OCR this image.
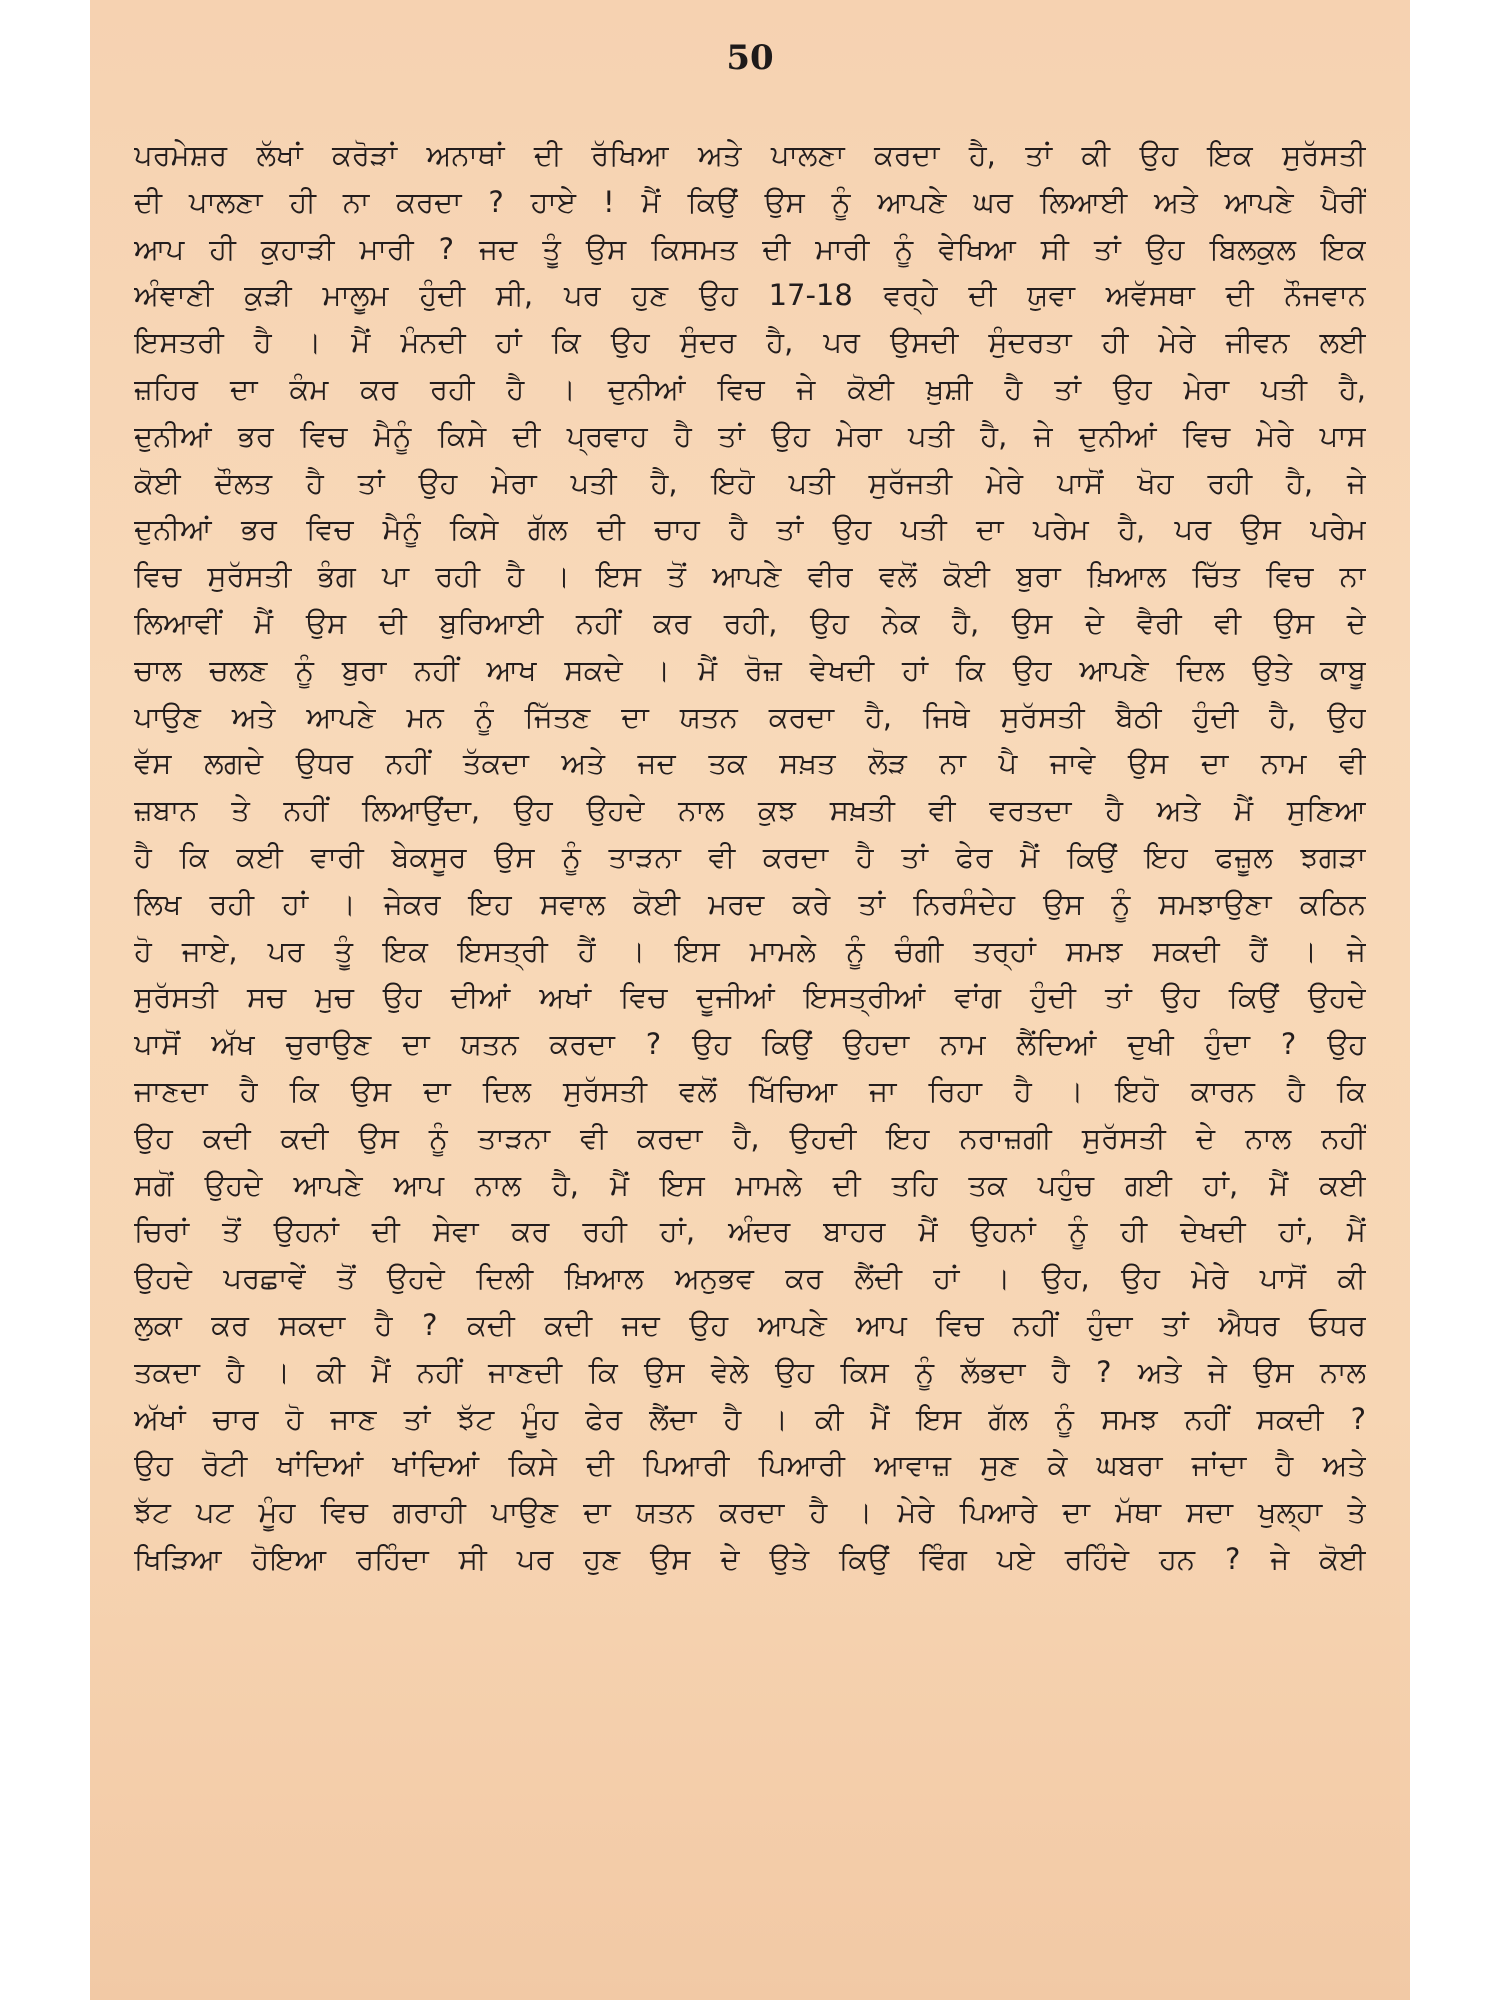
50
ਪਰਮੇਸ਼ਰ ਲੱਖਾਂ ਕਰੋੜਾਂ ਅਨਾਥਾਂ ਦੀ ਰੱਖਿਆ ਅਤੇ ਪਾਲਣਾ ਕਰਦਾ ਹੈ, ਤਾਂ ਕੀ ਉਹ ਇਕ ਸੁਰੱਸਤੀ
ਦੀ ਪਾਲਣਾ ਹੀ ਨਾ ਕਰਦਾ ? ਹਾਏ ! ਮੈਂ ਕਿਉਂ ਉਸ ਨੂੰ ਆਪਣੇ ਘਰ ਲਿਆਈ ਅਤੇ ਆਪਣੇ ਪੈਰੀਂ
ਆਪ ਹੀ ਕੁਹਾੜੀ ਮਾਰੀ ? ਜਦ ਤੂੰ ਉਸ ਕਿਸਮਤ ਦੀ ਮਾਰੀ ਨੂੰ ਵੇਖਿਆ ਸੀ ਤਾਂ ਉਹ ਬਿਲਕੁਲ ਇਕ
ਅੰਞਾਣੀ ਕੁੜੀ ਮਾਲੂਮ ਹੁੰਦੀ ਸੀ, ਪਰ ਹੁਣ ਉਹ 17-18 ਵਰ੍ਹੇ ਦੀ ਯੁਵਾ ਅਵੱਸਥਾ ਦੀ ਨੌਜਵਾਨ
ਇਸਤਰੀ ਹੈ । ਮੈਂ ਮੰਨਦੀ ਹਾਂ ਕਿ ਉਹ ਸੁੰਦਰ ਹੈ, ਪਰ ਉਸਦੀ ਸੁੰਦਰਤਾ ਹੀ ਮੇਰੇ ਜੀਵਨ ਲਈ
ਜ਼ਹਿਰ ਦਾ ਕੰਮ ਕਰ ਰਹੀ ਹੈ । ਦੁਨੀਆਂ ਵਿਚ ਜੇ ਕੋਈ ਖ਼ੁਸ਼ੀ ਹੈ ਤਾਂ ਉਹ ਮੇਰਾ ਪਤੀ ਹੈ,
ਦੁਨੀਆਂ ਭਰ ਵਿਚ ਮੈਨੂੰ ਕਿਸੇ ਦੀ ਪ੍ਰਵਾਹ ਹੈ ਤਾਂ ਉਹ ਮੇਰਾ ਪਤੀ ਹੈ, ਜੇ ਦੁਨੀਆਂ ਵਿਚ ਮੇਰੇ ਪਾਸ
ਕੋਈ ਦੌਲਤ ਹੈ ਤਾਂ ਉਹ ਮੇਰਾ ਪਤੀ ਹੈ, ਇਹੋ ਪਤੀ ਸੁਰੱਜਤੀ ਮੇਰੇ ਪਾਸੋਂ ਖੋਹ ਰਹੀ ਹੈ, ਜੇ
ਦੁਨੀਆਂ ਭਰ ਵਿਚ ਮੈਨੂੰ ਕਿਸੇ ਗੱਲ ਦੀ ਚਾਹ ਹੈ ਤਾਂ ਉਹ ਪਤੀ ਦਾ ਪਰੇਮ ਹੈ, ਪਰ ਉਸ ਪਰੇਮ
ਵਿਚ ਸੁਰੱਸਤੀ ਭੰਗ ਪਾ ਰਹੀ ਹੈ । ਇਸ ਤੋਂ ਆਪਣੇ ਵੀਰ ਵਲੋਂ ਕੋਈ ਬੁਰਾ ਖ਼ਿਆਲ ਚਿੱਤ ਵਿਚ ਨਾ
ਲਿਆਵੀਂ ਮੈਂ ਉਸ ਦੀ ਬੁਰਿਆਈ ਨਹੀਂ ਕਰ ਰਹੀ, ਉਹ ਨੇਕ ਹੈ, ਉਸ ਦੇ ਵੈਰੀ ਵੀ ਉਸ ਦੇ
ਚਾਲ ਚਲਣ ਨੂੰ ਬੁਰਾ ਨਹੀਂ ਆਖ ਸਕਦੇ । ਮੈਂ ਰੋਜ਼ ਵੇਖਦੀ ਹਾਂ ਕਿ ਉਹ ਆਪਣੇ ਦਿਲ ਉਤੇ ਕਾਬੂ
ਪਾਉਣ ਅਤੇ ਆਪਣੇ ਮਨ ਨੂੰ ਜਿੱਤਣ ਦਾ ਯਤਨ ਕਰਦਾ ਹੈ, ਜਿਥੇ ਸੁਰੱਸਤੀ ਬੈਠੀ ਹੁੰਦੀ ਹੈ, ਉਹ
ਵੱਸ ਲਗਦੇ ਉਧਰ ਨਹੀਂ ਤੱਕਦਾ ਅਤੇ ਜਦ ਤਕ ਸਖ਼ਤ ਲੋੜ ਨਾ ਪੈ ਜਾਵੇ ਉਸ ਦਾ ਨਾਮ ਵੀ
ਜ਼ਬਾਨ ਤੇ ਨਹੀਂ ਲਿਆਉਂਦਾ, ਉਹ ਉਹਦੇ ਨਾਲ ਕੁਝ ਸਖ਼ਤੀ ਵੀ ਵਰਤਦਾ ਹੈ ਅਤੇ ਮੈਂ ਸੁਣਿਆ
ਹੈ ਕਿ ਕਈ ਵਾਰੀ ਬੇਕਸੂਰ ਉਸ ਨੂੰ ਤਾੜਨਾ ਵੀ ਕਰਦਾ ਹੈ ਤਾਂ ਫੇਰ ਮੈਂ ਕਿਉਂ ਇਹ ਫਜ਼ੂਲ ਝਗੜਾ
ਲਿਖ ਰਹੀ ਹਾਂ । ਜੇਕਰ ਇਹ ਸਵਾਲ ਕੋਈ ਮਰਦ ਕਰੇ ਤਾਂ ਨਿਰਸੰਦੇਹ ਉਸ ਨੂੰ ਸਮਝਾਉਣਾ ਕਠਿਨ
ਹੋ ਜਾਏ, ਪਰ ਤੂੰ ਇਕ ਇਸਤ੍ਰੀ ਹੈਂ । ਇਸ ਮਾਮਲੇ ਨੂੰ ਚੰਗੀ ਤਰ੍ਹਾਂ ਸਮਝ ਸਕਦੀ ਹੈਂ । ਜੇ
ਸੁਰੱਸਤੀ ਸਚ ਮੁਚ ਉਹ ਦੀਆਂ ਅਖਾਂ ਵਿਚ ਦੂਜੀਆਂ ਇਸਤ੍ਰੀਆਂ ਵਾਂਗ ਹੁੰਦੀ ਤਾਂ ਉਹ ਕਿਉਂ ਉਹਦੇ
ਪਾਸੋਂ ਅੱਖ ਚੁਰਾਉਣ ਦਾ ਯਤਨ ਕਰਦਾ ? ਉਹ ਕਿਉਂ ਉਹਦਾ ਨਾਮ ਲੈਂਦਿਆਂ ਦੁਖੀ ਹੁੰਦਾ ? ਉਹ
ਜਾਣਦਾ ਹੈ ਕਿ ਉਸ ਦਾ ਦਿਲ ਸੁਰੱਸਤੀ ਵਲੋਂ ਖਿੱਚਿਆ ਜਾ ਰਿਹਾ ਹੈ । ਇਹੋ ਕਾਰਨ ਹੈ ਕਿ
ਉਹ ਕਦੀ ਕਦੀ ਉਸ ਨੂੰ ਤਾੜਨਾ ਵੀ ਕਰਦਾ ਹੈ, ਉਹਦੀ ਇਹ ਨਰਾਜ਼ਗੀ ਸੁਰੱਸਤੀ ਦੇ ਨਾਲ ਨਹੀਂ
ਸਗੋਂ ਉਹਦੇ ਆਪਣੇ ਆਪ ਨਾਲ ਹੈ, ਮੈਂ ਇਸ ਮਾਮਲੇ ਦੀ ਤਹਿ ਤਕ ਪਹੁੰਚ ਗਈ ਹਾਂ, ਮੈਂ ਕਈ
ਚਿਰਾਂ ਤੋਂ ਉਹਨਾਂ ਦੀ ਸੇਵਾ ਕਰ ਰਹੀ ਹਾਂ, ਅੰਦਰ ਬਾਹਰ ਮੈਂ ਉਹਨਾਂ ਨੂੰ ਹੀ ਦੇਖਦੀ ਹਾਂ, ਮੈਂ
ਉਹਦੇ ਪਰਛਾਵੇਂ ਤੋਂ ਉਹਦੇ ਦਿਲੀ ਖ਼ਿਆਲ ਅਨੁਭਵ ਕਰ ਲੈਂਦੀ ਹਾਂ । ਉਹ, ਉਹ ਮੇਰੇ ਪਾਸੋਂ ਕੀ
ਲੁਕਾ ਕਰ ਸਕਦਾ ਹੈ ? ਕਦੀ ਕਦੀ ਜਦ ਉਹ ਆਪਣੇ ਆਪ ਵਿਚ ਨਹੀਂ ਹੁੰਦਾ ਤਾਂ ਐਧਰ ਓਧਰ
ਤਕਦਾ ਹੈ । ਕੀ ਮੈਂ ਨਹੀਂ ਜਾਣਦੀ ਕਿ ਉਸ ਵੇਲੇ ਉਹ ਕਿਸ ਨੂੰ ਲੱਭਦਾ ਹੈ ? ਅਤੇ ਜੇ ਉਸ ਨਾਲ
ਅੱਖਾਂ ਚਾਰ ਹੋ ਜਾਣ ਤਾਂ ਝੱਟ ਮੂੰਹ ਫੇਰ ਲੈਂਦਾ ਹੈ । ਕੀ ਮੈਂ ਇਸ ਗੱਲ ਨੂੰ ਸਮਝ ਨਹੀਂ ਸਕਦੀ ?
ਉਹ ਰੋਟੀ ਖਾਂਦਿਆਂ ਖਾਂਦਿਆਂ ਕਿਸੇ ਦੀ ਪਿਆਰੀ ਪਿਆਰੀ ਆਵਾਜ਼ ਸੁਣ ਕੇ ਘਬਰਾ ਜਾਂਦਾ ਹੈ ਅਤੇ
ਝੱਟ ਪਟ ਮੂੰਹ ਵਿਚ ਗਰਾਹੀ ਪਾਉਣ ਦਾ ਯਤਨ ਕਰਦਾ ਹੈ । ਮੇਰੇ ਪਿਆਰੇ ਦਾ ਮੱਥਾ ਸਦਾ ਖੁਲ੍ਹਾ ਤੇ
ਖਿੜਿਆ ਹੋਇਆ ਰਹਿੰਦਾ ਸੀ ਪਰ ਹੁਣ ਉਸ ਦੇ ਉਤੇ ਕਿਉਂ ਵਿੰਗ ਪਏ ਰਹਿੰਦੇ ਹਨ ? ਜੇ ਕੋਈ
